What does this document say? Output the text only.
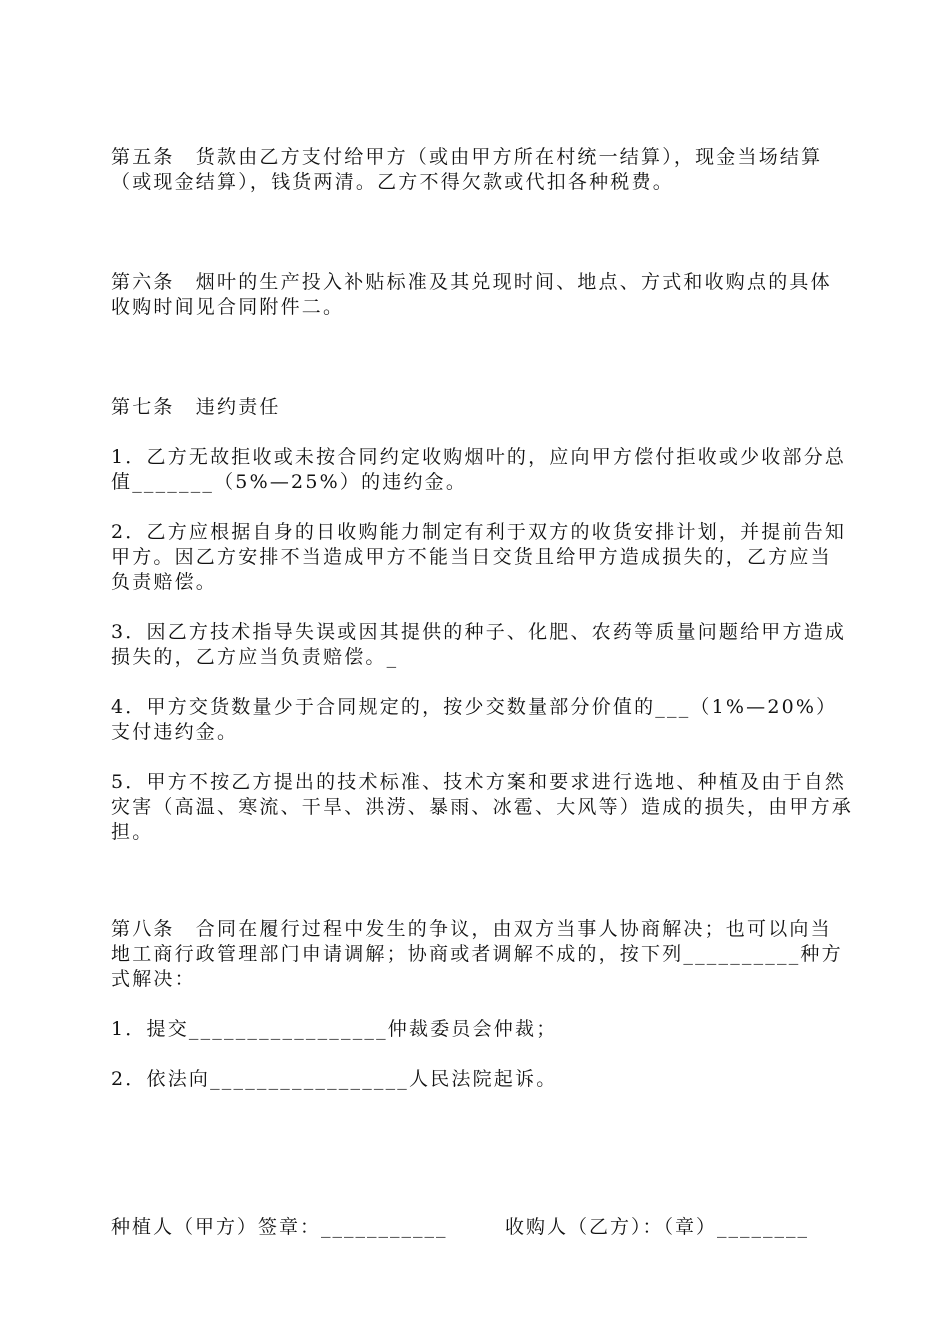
第五条　货款由乙方支付给甲方（或由甲方所在村统一结算），现金当场结算（或现金结算），钱货两清。乙方不得欠款或代扣各种税费。

第六条　烟叶的生产投入补贴标准及其兑现时间、地点、方式和收购点的具体收购时间见合同附件二。

第七条　违约责任

1．乙方无故拒收或未按合同约定收购烟叶的，应向甲方偿付拒收或少收部分总值_______（5%—25%）的违约金。

2．乙方应根据自身的日收购能力制定有利于双方的收货安排计划，并提前告知甲方。因乙方安排不当造成甲方不能当日交货且给甲方造成损失的，乙方应当负责赔偿。

3．因乙方技术指导失误或因其提供的种子、化肥、农药等质量问题给甲方造成损失的，乙方应当负责赔偿。_

4．甲方交货数量少于合同规定的，按少交数量部分价值的___（1%—20%）支付违约金。

5．甲方不按乙方提出的技术标准、技术方案和要求进行选地、种植及由于自然灾害（高温、寒流、干旱、洪涝、暴雨、冰雹、大风等）造成的损失，由甲方承担。

第八条　合同在履行过程中发生的争议，由双方当事人协商解决；也可以向当地工商行政管理部门申请调解；协商或者调解不成的，按下列__________种方式解决：

1．提交_________________仲裁委员会仲裁；

2．依法向_________________人民法院起诉。

种植人（甲方）签章：___________	收购人（乙方）：（章）________
